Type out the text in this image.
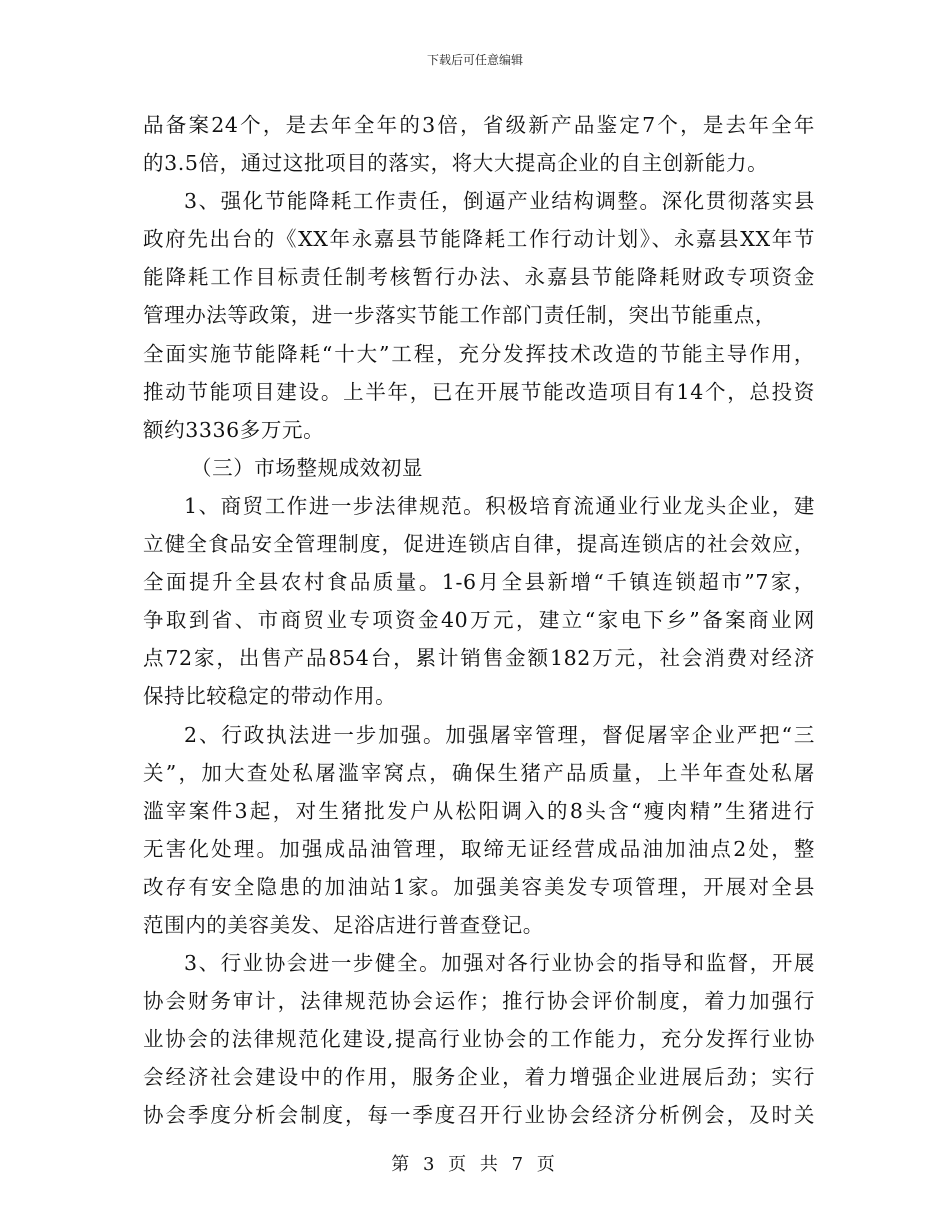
下载后可任意编辑
品备案24个，是去年全年的3倍，省级新产品鉴定7个，是去年全年
的3.5倍，通过这批项目的落实，将大大提高企业的自主创新能力。
3、强化节能降耗工作责任，倒逼产业结构调整。深化贯彻落实县
政府先出台的《XX年永嘉县节能降耗工作行动计划》、永嘉县XX年节
能降耗工作目标责任制考核暂行办法、永嘉县节能降耗财政专项资金
管理办法等政策，进一步落实节能工作部门责任制，突出节能重点，
全面实施节能降耗“十大”工程，充分发挥技术改造的节能主导作用，
推动节能项目建设。上半年，已在开展节能改造项目有14个，总投资
额约3336多万元。
（三）市场整规成效初显
1、商贸工作进一步法律规范。积极培育流通业行业龙头企业，建
立健全食品安全管理制度，促进连锁店自律，提高连锁店的社会效应，
全面提升全县农村食品质量。1-6月全县新增“千镇连锁超市”7家，
争取到省、市商贸业专项资金40万元，建立“家电下乡”备案商业网
点72家，出售产品854台，累计销售金额182万元，社会消费对经济
保持比较稳定的带动作用。
2、行政执法进一步加强。加强屠宰管理，督促屠宰企业严把“三
关”，加大查处私屠滥宰窝点，确保生猪产品质量，上半年查处私屠
滥宰案件3起，对生猪批发户从松阳调入的8头含“瘦肉精”生猪进行
无害化处理。加强成品油管理，取缔无证经营成品油加油点2处，整
改存有安全隐患的加油站1家。加强美容美发专项管理，开展对全县
范围内的美容美发、足浴店进行普查登记。
3、行业协会进一步健全。加强对各行业协会的指导和监督，开展
协会财务审计，法律规范协会运作；推行协会评价制度，着力加强行
业协会的法律规范化建设,提高行业协会的工作能力，充分发挥行业协
会经济社会建设中的作用，服务企业，着力增强企业进展后劲；实行
协会季度分析会制度，每一季度召开行业协会经济分析例会，及时关
第 3 页 共 7 页
